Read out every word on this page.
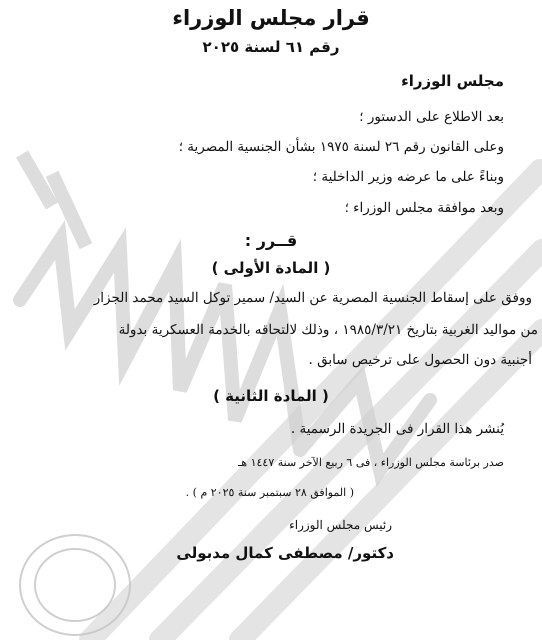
قرار مجلس الوزراء
رقم ٦١ لسنة ٢٠٢٥
مجلس الوزراء
بعد الاطلاع على الدستور ؛
وعلى القانون رقم ٢٦ لسنة ١٩٧٥ بشأن الجنسية المصرية ؛
وبناءً على ما عرضه وزير الداخلية ؛
وبعد موافقة مجلس الوزراء ؛
قــرر :
( المادة الأولى )
ووفق على إسقاط الجنسية المصرية عن السيد/ سمير توكل السيد محمد الجزار
من مواليد الغربية بتاريخ ١٩٨٥/٣/٢١ ، وذلك لالتحاقه بالخدمة العسكرية بدولة
أجنبية دون الحصول على ترخيص سابق .
( المادة الثانية )
يُنشر هذا القرار فى الجريدة الرسمية .
صدر برئاسة مجلس الوزراء ، فى ٦ ربيع الآخر سنة ١٤٤٧ هـ
( الموافق ٢٨ سبتمبر سنة ٢٠٢٥ م ) .
رئيس مجلس الوزراء
دكتور/ مصطفى كمال مدبولى
